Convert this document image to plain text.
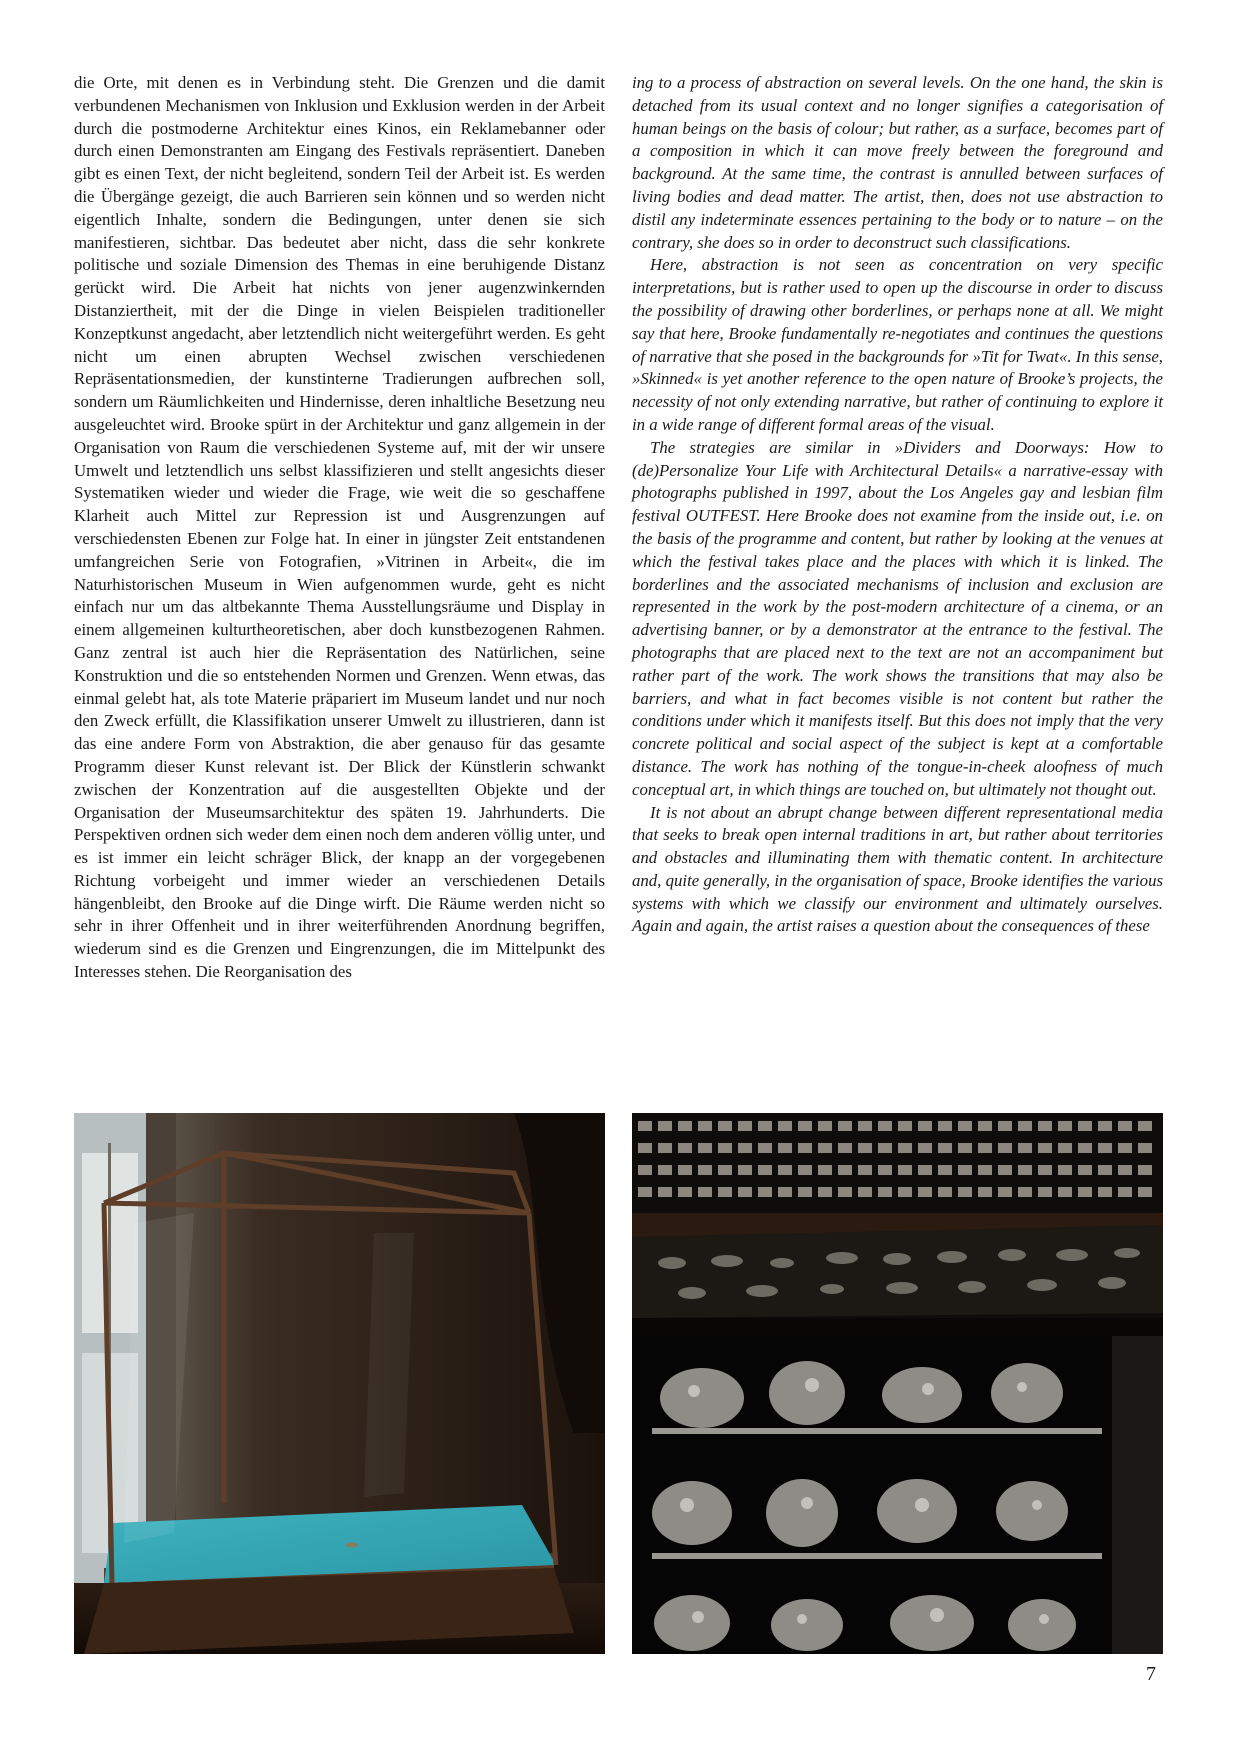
die Orte, mit denen es in Verbindung steht. Die Grenzen und die damit verbundenen Mechanismen von Inklusion und Exklusion werden in der Arbeit durch die postmoderne Architektur eines Kinos, ein Reklamebanner oder durch einen Demonstranten am Eingang des Festivals repräsentiert. Daneben gibt es einen Text, der nicht begleitend, sondern Teil der Arbeit ist. Es werden die Übergänge gezeigt, die auch Barrieren sein können und so werden nicht eigentlich Inhalte, sondern die Bedingungen, unter denen sie sich manifestieren, sichtbar. Das bedeutet aber nicht, dass die sehr konkrete politische und soziale Dimension des Themas in eine beruhigende Distanz gerückt wird. Die Arbeit hat nichts von jener augenzwinkernden Distanziertheit, mit der die Dinge in vielen Beispielen traditioneller Konzeptkunst angedacht, aber letztendlich nicht weitergeführt werden. Es geht nicht um einen abrupten Wechsel zwischen verschiedenen Repräsentationsmedien, der kunstinterne Tradierungen aufbrechen soll, sondern um Räumlichkeiten und Hindernisse, deren inhaltliche Besetzung neu ausgeleuchtet wird. Brooke spürt in der Architektur und ganz allgemein in der Organisation von Raum die verschiedenen Systeme auf, mit der wir unsere Umwelt und letztendlich uns selbst klassifizieren und stellt angesichts dieser Systematiken wieder und wieder die Frage, wie weit die so geschaffene Klarheit auch Mittel zur Repression ist und Ausgrenzungen auf verschiedensten Ebenen zur Folge hat. In einer in jüngster Zeit entstandenen umfangreichen Serie von Fotografien, »Vitrinen in Arbeit«, die im Naturhistorischen Museum in Wien aufgenommen wurde, geht es nicht einfach nur um das altbekannte Thema Ausstellungsräume und Display in einem allgemeinen kulturtheoretischen, aber doch kunstbezogenen Rahmen. Ganz zentral ist auch hier die Repräsentation des Natürlichen, seine Konstruktion und die so entstehenden Normen und Grenzen. Wenn etwas, das einmal gelebt hat, als tote Materie präpariert im Museum landet und nur noch den Zweck erfüllt, die Klassifikation unserer Umwelt zu illustrieren, dann ist das eine andere Form von Abstraktion, die aber genauso für das gesamte Programm dieser Kunst relevant ist. Der Blick der Künstlerin schwankt zwischen der Konzentration auf die ausgestellten Objekte und der Organisation der Museumsarchitektur des späten 19. Jahrhunderts. Die Perspektiven ordnen sich weder dem einen noch dem anderen völlig unter, und es ist immer ein leicht schräger Blick, der knapp an der vorgegebenen Richtung vorbeigeht und immer wieder an verschiedenen Details hängenbleibt, den Brooke auf die Dinge wirft. Die Räume werden nicht so sehr in ihrer Offenheit und in ihrer weiterführenden Anordnung begriffen, wiederum sind es die Grenzen und Eingrenzungen, die im Mittelpunkt des Interesses stehen. Die Reorganisation des

ing to a process of abstraction on several levels. On the one hand, the skin is detached from its usual context and no longer signifies a categorisation of human beings on the basis of colour; but rather, as a surface, becomes part of a composition in which it can move freely between the foreground and background. At the same time, the contrast is annulled between surfaces of living bodies and dead matter. The artist, then, does not use abstraction to distil any indeterminate essences pertaining to the body or to nature – on the contrary, she does so in order to deconstruct such classifications.

Here, abstraction is not seen as concentration on very specific interpretations, but is rather used to open up the discourse in order to discuss the possibility of drawing other borderlines, or perhaps none at all. We might say that here, Brooke fundamentally re-negotiates and continues the questions of narrative that she posed in the backgrounds for »Tit for Twat«. In this sense, »Skinned« is yet another reference to the open nature of Brooke’s projects, the necessity of not only extending narrative, but rather of continuing to explore it in a wide range of different formal areas of the visual.

The strategies are similar in »Dividers and Doorways: How to (de)Personalize Your Life with Architectural Details« a narrative-essay with photographs published in 1997, about the Los Angeles gay and lesbian film festival OUTFEST. Here Brooke does not examine from the inside out, i.e. on the basis of the programme and content, but rather by looking at the venues at which the festival takes place and the places with which it is linked. The borderlines and the associated mechanisms of inclusion and exclusion are represented in the work by the post-modern architecture of a cinema, or an advertising banner, or by a demonstrator at the entrance to the festival. The photographs that are placed next to the text are not an accompaniment but rather part of the work. The work shows the transitions that may also be barriers, and what in fact becomes visible is not content but rather the conditions under which it manifests itself. But this does not imply that the very concrete political and social aspect of the subject is kept at a comfortable distance. The work has nothing of the tongue-in-cheek aloofness of much conceptual art, in which things are touched on, but ultimately not thought out.

It is not about an abrupt change between different representational media that seeks to break open internal traditions in art, but rather about territories and obstacles and illuminating them with thematic content. In architecture and, quite generally, in the organisation of space, Brooke identifies the various systems with which we classify our environment and ultimately ourselves. Again and again, the artist raises a question about the consequences of these

7
